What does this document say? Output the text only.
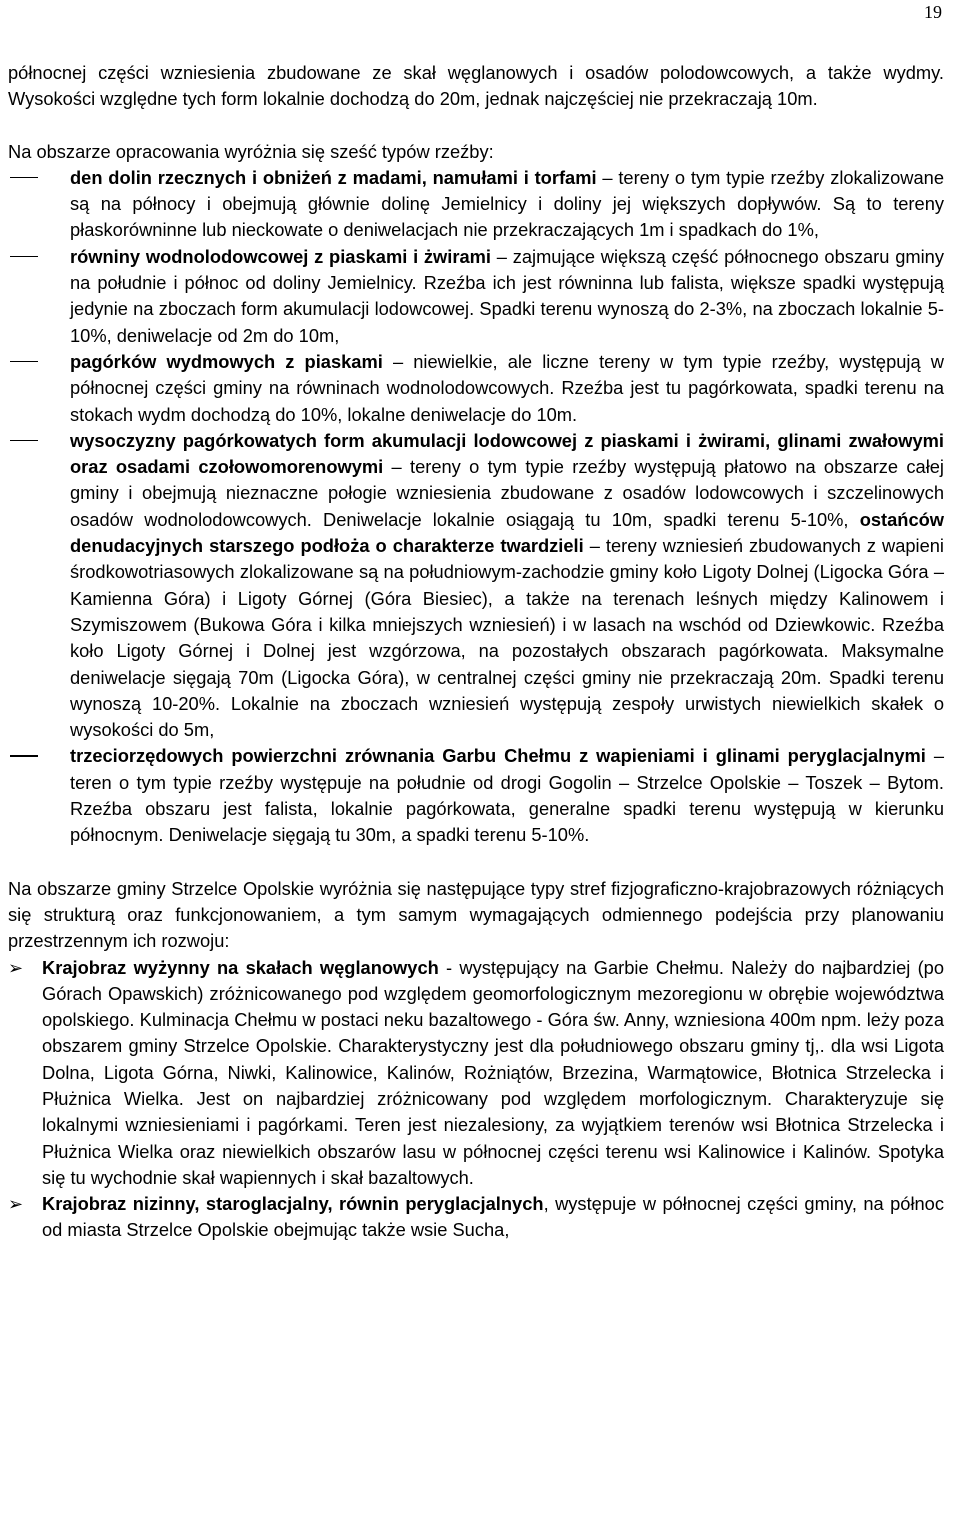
19

północnej części wzniesienia zbudowane ze skał węglanowych i osadów polodowcowych, a także wydmy. Wysokości względne tych form lokalnie dochodzą do 20m, jednak najczęściej nie przekraczają 10m.

Na obszarze opracowania wyróżnia się sześć typów rzeźby:

den dolin rzecznych i obniżeń z madami, namułami i torfami – tereny o tym typie rzeźby zlokalizowane są na północy i obejmują głównie dolinę Jemielnicy i doliny jej większych dopływów. Są to tereny płaskorówninne lub nieckowate o deniwelacjach nie przekraczających 1m i spadkach do 1%,

równiny wodnolodowcowej z piaskami i żwirami – zajmujące większą część północnego obszaru gminy na południe i północ od doliny Jemielnicy. Rzeźba ich jest równinna lub falista, większe spadki występują jedynie na zboczach form akumulacji lodowcowej. Spadki terenu wynoszą do 2-3%, na zboczach lokalnie 5-10%, deniwelacje od 2m do 10m,

pagórków wydmowych z piaskami – niewielkie, ale liczne tereny w tym typie rzeźby, występują w północnej części gminy na równinach wodnolodowcowych. Rzeźba jest tu pagórkowata, spadki terenu na stokach wydm dochodzą do 10%, lokalne deniwelacje do 10m.

wysoczyzny pagórkowatych form akumulacji lodowcowej z piaskami i żwirami, glinami zwałowymi oraz osadami czołowomorenowymi – tereny o tym typie rzeźby występują płatowo na obszarze całej gminy i obejmują nieznaczne połogie wzniesienia zbudowane z osadów lodowcowych i szczelinowych osadów wodnolodowcowych. Deniwelacje lokalnie osiągają tu 10m, spadki terenu 5-10%, ostańców denudacyjnych starszego podłoża o charakterze twardzieli – tereny wzniesień zbudowanych z wapieni środkowotriasowych zlokalizowane są na południowym-zachodzie gminy koło Ligoty Dolnej (Ligocka Góra – Kamienna Góra) i Ligoty Górnej (Góra Biesiec), a także na terenach leśnych między Kalinowem i Szymiszowem (Bukowa Góra i kilka mniejszych wzniesień) i w lasach na wschód od Dziewkowic. Rzeźba koło Ligoty Górnej i Dolnej jest wzgórzowa, na pozostałych obszarach pagórkowata. Maksymalne deniwelacje sięgają 70m (Ligocka Góra), w centralnej części gminy nie przekraczają 20m. Spadki terenu wynoszą 10-20%. Lokalnie na zboczach wzniesień występują zespoły urwistych niewielkich skałek o wysokości do 5m,

trzeciorzędowych powierzchni zrównania Garbu Chełmu z wapieniami i glinami peryglacjalnymi – teren o tym typie rzeźby występuje na południe od drogi Gogolin – Strzelce Opolskie – Toszek – Bytom. Rzeźba obszaru jest falista, lokalnie pagórkowata, generalne spadki terenu występują w kierunku północnym. Deniwelacje sięgają tu 30m, a spadki terenu 5-10%.

Na obszarze gminy Strzelce Opolskie wyróżnia się następujące typy stref fizjograficzno-krajobrazowych różniących się strukturą oraz funkcjonowaniem, a tym samym wymagających odmiennego podejścia przy planowaniu przestrzennym ich rozwoju:

➢ Krajobraz wyżynny na skałach węglanowych - występujący na Garbie Chełmu. Należy do najbardziej (po Górach Opawskich) zróżnicowanego pod względem geomorfologicznym mezoregionu w obrębie województwa opolskiego. Kulminacja Chełmu w postaci neku bazaltowego - Góra św. Anny, wzniesiona 400m npm. leży poza obszarem gminy Strzelce Opolskie. Charakterystyczny jest dla południowego obszaru gminy tj,. dla wsi Ligota Dolna, Ligota Górna, Niwki, Kalinowice, Kalinów, Rożniątów, Brzezina, Warmątowice, Błotnica Strzelecka i Płużnica Wielka. Jest on najbardziej zróżnicowany pod względem morfologicznym. Charakteryzuje się lokalnymi wzniesieniami i pagórkami. Teren jest niezalesiony, za wyjątkiem terenów wsi Błotnica Strzelecka i Płużnica Wielka oraz niewielkich obszarów lasu w północnej części terenu wsi Kalinowice i Kalinów. Spotyka się tu wychodnie skał wapiennych i skał bazaltowych.

➢ Krajobraz nizinny, staroglacjalny, równin peryglacjalnych, występuje w północnej części gminy, na północ od miasta Strzelce Opolskie obejmując także wsie Sucha,
